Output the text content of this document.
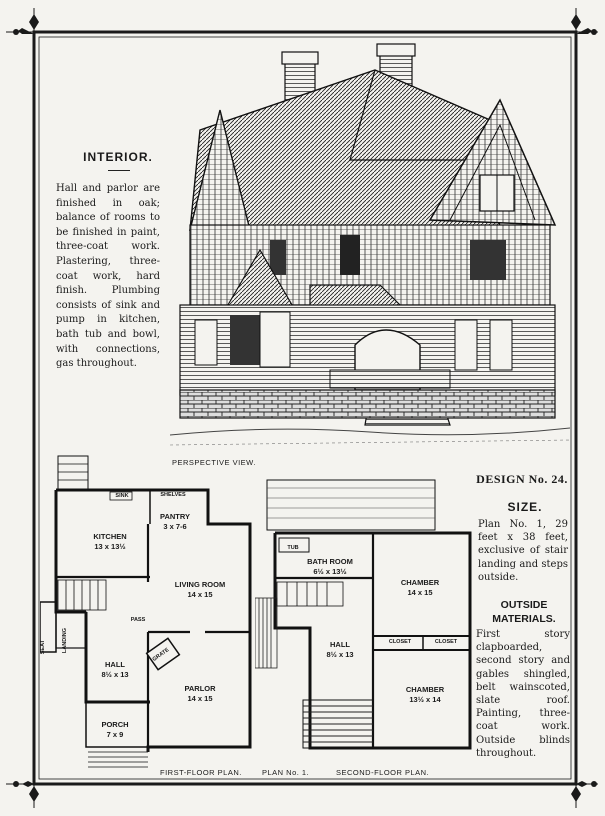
INTERIOR.
Hall and parlor are finished in oak; balance of rooms to be finished in paint, three-coat work. Plastering, three-coat work, hard finish. Plumbing consists of sink and pump in kitchen, bath tub and bowl, with connections, gas throughout.
PERSPECTIVE VIEW.
DESIGN No. 24.
SIZE.
Plan No. 1, 29 feet x 38 feet, exclusive of stair landing and steps outside.
OUTSIDE MATERIALS.
First story clapboarded, second story and gables shingled, belt wainscoted, slate roof. Painting, three-coat work. Outside blinds throughout.
KITCHEN
13 x 13½
SINK	SHELVES
PANTRY
3 x 7-6
LIVING ROOM
14 x 15
PASS
SEAT	LANDING
HALL
8½ x 13
GRATE
PARLOR
14 x 15
PORCH
7 x 9
TUB
BATH ROOM
6½ x 13½
CHAMBER
14 x 15
CLOSET	CLOSET
HALL
8½ x 13
CHAMBER
13½ x 14
FIRST-FLOOR PLAN.	PLAN No. 1.	SECOND-FLOOR PLAN.
